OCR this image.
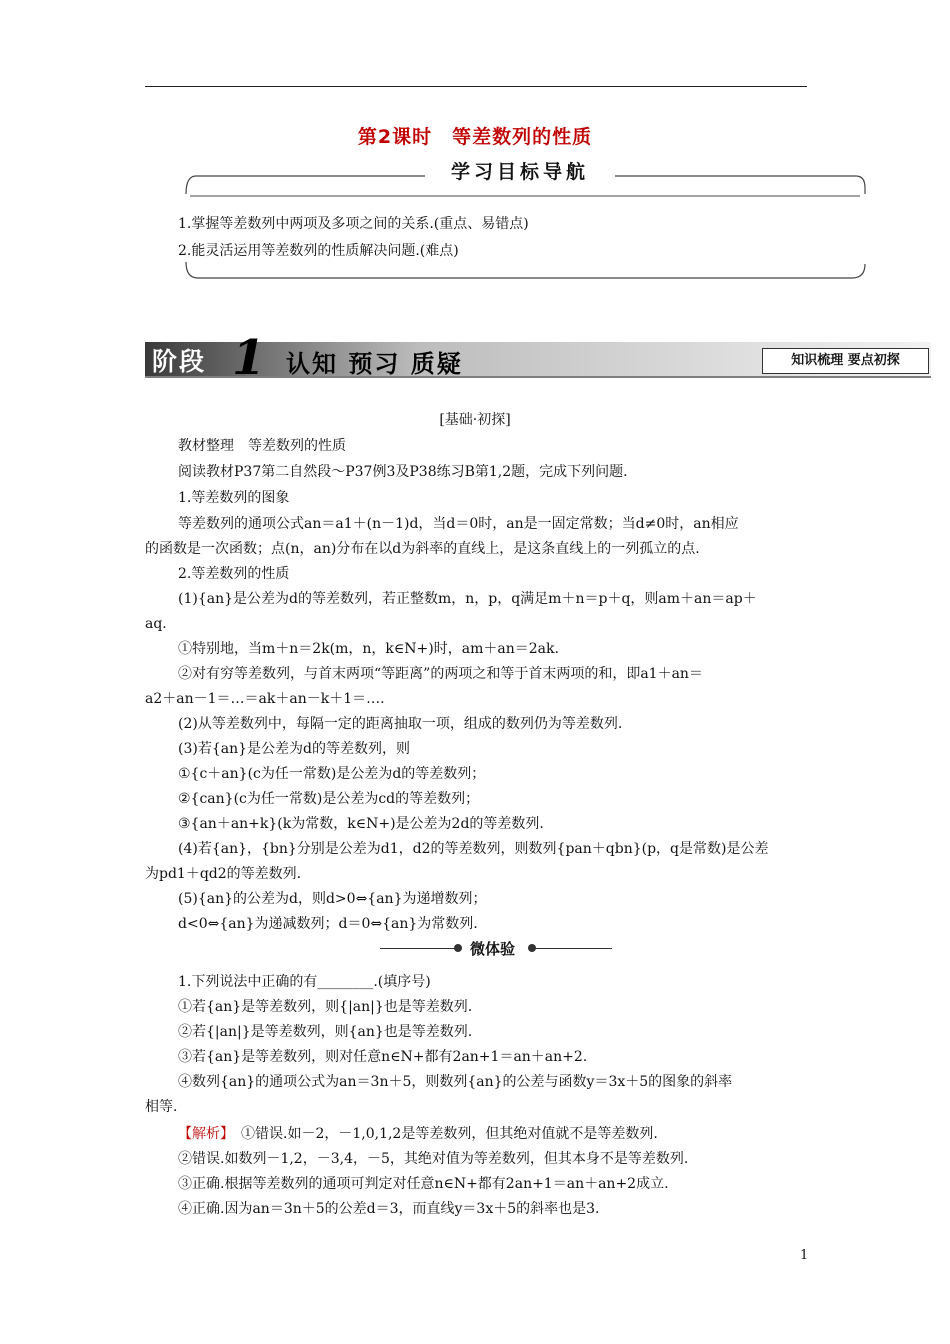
第2课时 等差数列的性质
学习目标导航
1.掌握等差数列中两项及多项之间的关系.(重点、易错点)
2.能灵活运用等差数列的性质解决问题.(难点)
阶段 1 认知 预习 质疑	知识梳理 要点初探
[基础·初探]
教材整理　等差数列的性质
阅读教材P37第二自然段～P37例3及P38练习B第1,2题，完成下列问题.
1.等差数列的图象
等差数列的通项公式an＝a1＋(n－1)d，当d＝0时，an是一固定常数；当d≠0时，an相应
的函数是一次函数；点(n，an)分布在以d为斜率的直线上，是这条直线上的一列孤立的点.
2.等差数列的性质
(1){an}是公差为d的等差数列，若正整数m，n，p，q满足m＋n＝p＋q，则am＋an＝ap＋
aq.
①特别地，当m＋n＝2k(m，n，k∈N+)时，am＋an＝2ak.
②对有穷等差数列，与首末两项“等距离”的两项之和等于首末两项的和，即a1＋an＝
a2＋an－1＝…＝ak＋an－k＋1＝….
(2)从等差数列中，每隔一定的距离抽取一项，组成的数列仍为等差数列.
(3)若{an}是公差为d的等差数列，则
①{c＋an}(c为任一常数)是公差为d的等差数列；
②{can}(c为任一常数)是公差为cd的等差数列；
③{an＋an+k}(k为常数，k∈N+)是公差为2d的等差数列.
(4)若{an}，{bn}分别是公差为d1，d2的等差数列，则数列{pan＋qbn}(p，q是常数)是公差
为pd1＋qd2的等差数列.
(5){an}的公差为d，则d>0⇔{an}为递增数列；
d<0⇔{an}为递减数列；d＝0⇔{an}为常数列.
微体验
1.下列说法中正确的有________.(填序号)
①若{an}是等差数列，则{|an|}也是等差数列.
②若{|an|}是等差数列，则{an}也是等差数列.
③若{an}是等差数列，则对任意n∈N+都有2an+1＝an＋an+2.
④数列{an}的通项公式为an＝3n＋5，则数列{an}的公差与函数y＝3x＋5的图象的斜率
相等.
【解析】　①错误.如－2，－1,0,1,2是等差数列，但其绝对值就不是等差数列.
②错误.如数列－1,2，－3,4，－5，其绝对值为等差数列，但其本身不是等差数列.
③正确.根据等差数列的通项可判定对任意n∈N+都有2an+1＝an＋an+2成立.
④正确.因为an＝3n＋5的公差d＝3，而直线y＝3x＋5的斜率也是3.
1
